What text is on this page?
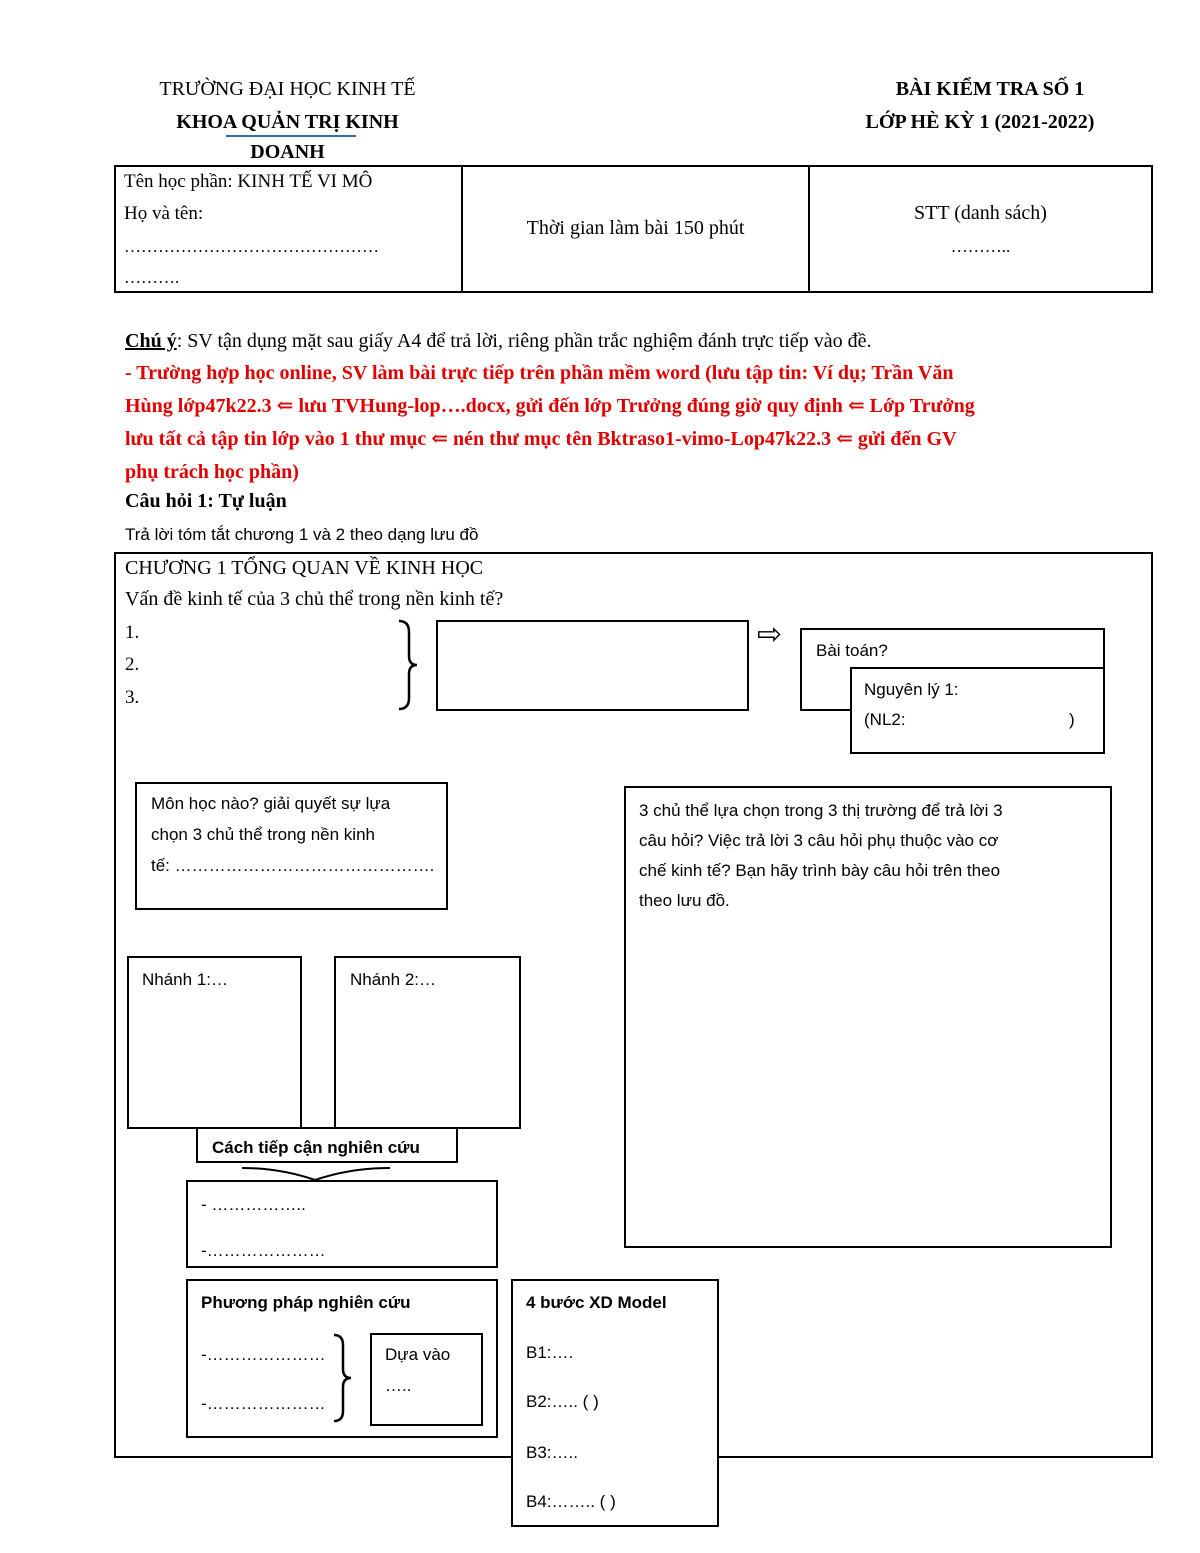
TRƯỜNG ĐẠI HỌC KINH TẾ
KHOA QUẢN TRỊ KINH
DOANH
BÀI KIỂM TRA SỐ 1
LỚP HÈ KỲ 1 (2021-2022)
Tên học phần: KINH TẾ VI MÔ
Họ và tên:
………………………………………
……….
Thời gian làm bài 150 phút
STT (danh sách)
………..
Chú ý: SV tận dụng mặt sau giấy A4 để trả lời, riêng phần trắc nghiệm đánh trực tiếp vào đề.
- Trường hợp học online, SV làm bài trực tiếp trên phần mềm word (lưu tập tin: Ví dụ; Trần Văn
Hùng lớp47k22.3 ⇐ lưu TVHung-lop….docx, gửi đến lớp Trưởng đúng giờ quy định ⇐ Lớp Trưởng
lưu tất cả tập tin lớp vào 1 thư mục ⇐ nén thư mục tên Bktraso1-vimo-Lop47k22.3 ⇐ gửi đến GV
phụ trách học phần)
Câu hỏi 1: Tự luận
Trả lời tóm tắt chương 1 và 2 theo dạng lưu đồ
CHƯƠNG 1 TỔNG QUAN VỀ KINH HỌC
Vấn đề kinh tế của 3 chủ thể trong nền kinh tế?
1.
2.
3.
⇨ Bài toán?
Nguyên lý 1:
(NL2:	)
Môn học nào? giải quyết sự lựa
chọn 3 chủ thể trong nền kinh
tế: ……………………………………….
3 chủ thể lựa chọn trong 3 thị trường để trả lời 3
câu hỏi? Việc trả lời 3 câu hỏi phụ thuộc vào cơ
chế kinh tế? Bạn hãy trình bày câu hỏi trên theo
theo lưu đồ.
Nhánh 1:…	Nhánh 2:…
Cách tiếp cận nghiên cứu
- ……………..
-…………………
Phương pháp nghiên cứu
-…………………
-…………………
Dựa vào
…..
4 bước XD Model
B1:….
B2:….. ( )
B3:…..
B4:…….. ( )
